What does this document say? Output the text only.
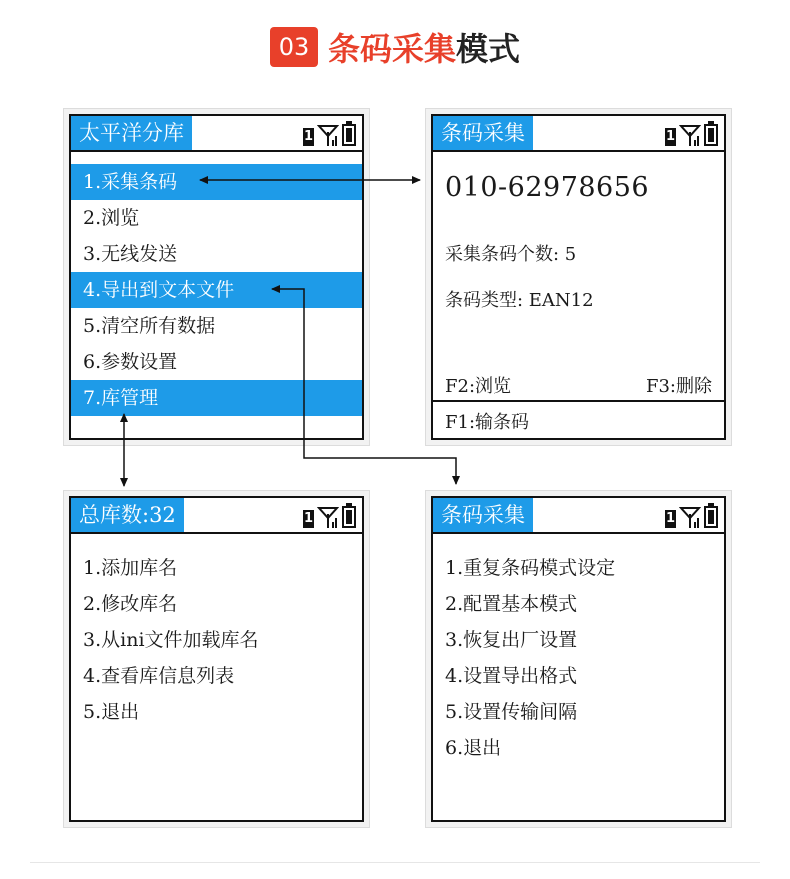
03 条码采集 模式
太平洋分库	1
1.采集条码
2.浏览
3.无线发送
4.导出到文本文件
5.清空所有数据
6.参数设置
7.库管理
条码采集	1
010-62978656
采集条码个数: 5
条码类型: EAN12
F2:浏览	F3:删除
F1:输条码
总库数:32	1
1.添加库名
2.修改库名
3.从ini文件加载库名
4.查看库信息列表
5.退出
条码采集	1
1.重复条码模式设定
2.配置基本模式
3.恢复出厂设置
4.设置导出格式
5.设置传输间隔
6.退出
